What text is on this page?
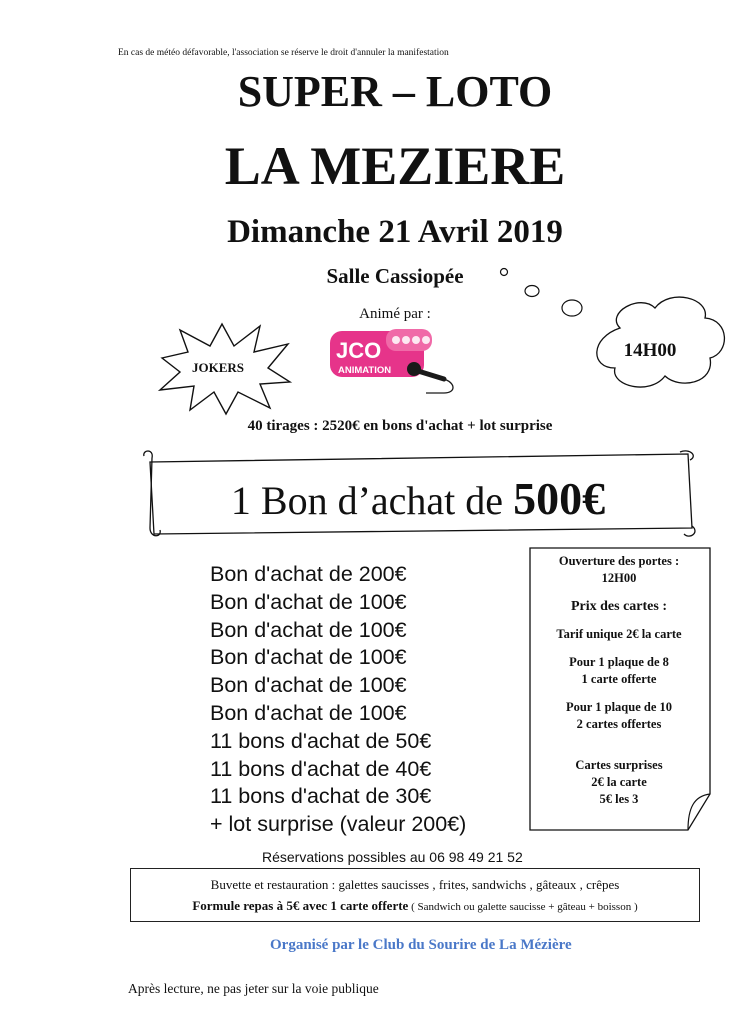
En cas de météo défavorable, l'association se réserve le droit d'annuler la manifestation
SUPER – LOTO
LA MEZIERE
Dimanche 21 Avril 2019
Salle Cassiopée
Animé par :
JOKERS
JCO
ANIMATION
14H00
40 tirages : 2520€ en bons d'achat + lot surprise
1 Bon d’achat de 500€
Bon d'achat de 200€
Bon d'achat de 100€
Bon d'achat de 100€
Bon d'achat de 100€
Bon d'achat de 100€
Bon d'achat de 100€
11 bons d'achat de 50€
11 bons d'achat de 40€
11 bons d'achat de 30€
+ lot surprise (valeur 200€)
Ouverture des portes :
12H00
Prix des cartes :
Tarif unique 2€ la carte
Pour 1 plaque de 8
1 carte offerte
Pour 1 plaque de 10
2 cartes offertes
Cartes surprises
2€ la carte
5€ les 3
Réservations possibles au 06 98 49 21 52
Buvette et restauration : galettes saucisses , frites, sandwichs , gâteaux , crêpes
Formule repas à 5€ avec 1 carte offerte ( Sandwich ou galette saucisse + gâteau + boisson )
Organisé par le Club du Sourire de La Mézière
Après lecture, ne pas jeter sur la voie publique
